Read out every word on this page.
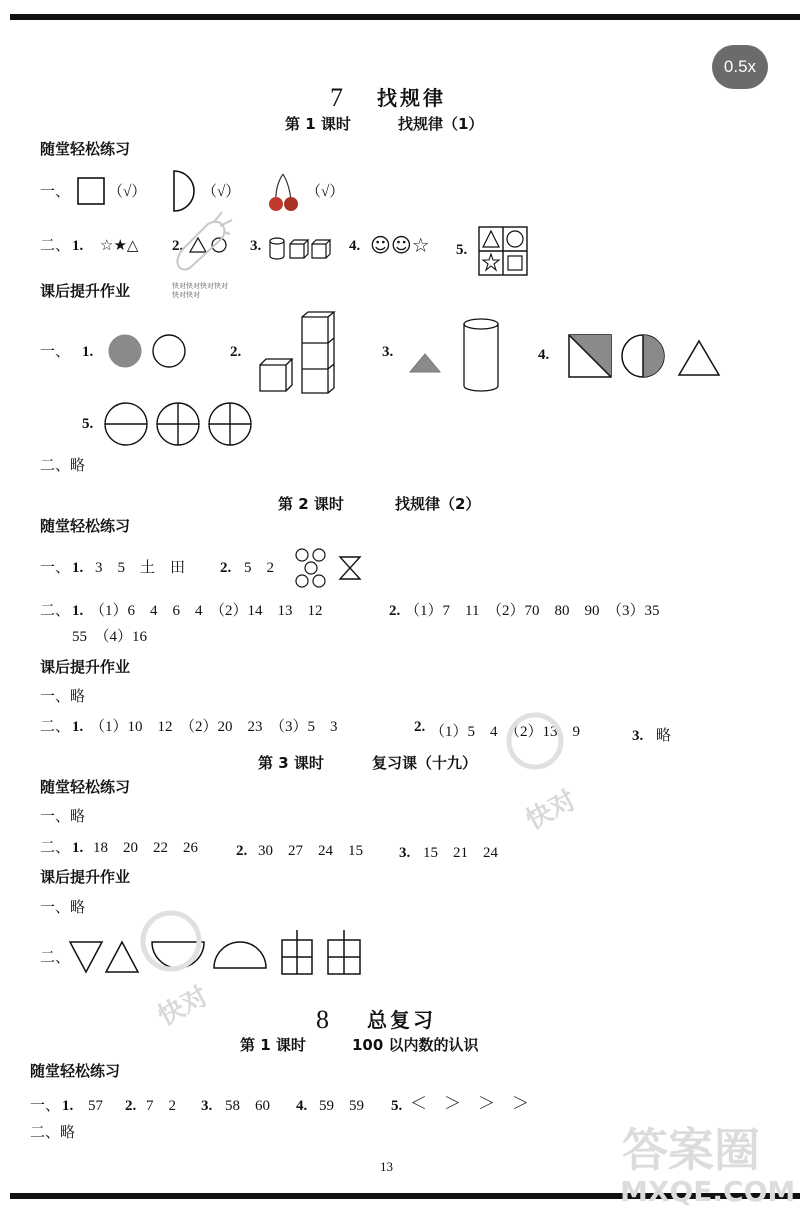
0.5x
7 找规律
第 1 课时	找规律（1）
随堂轻松练习
一、	（√）	（√）	（√）
二、 1. ☆★△ 2.
快对快对快对快对快对快对
3.	4. ☺☺☆ 5.
课后提升作业
一、 1.	2.	3.	4.
5.
二、略
第 2 课时	找规律（2）
随堂轻松练习
一、 1. 3　5　土　田 2. 5　2
二、 1. （1）6　4　6　4　（2）14　13　12	2. （1）7　11　（2）70　80　90　（3）35
55　（4）16
课后提升作业
一、略
二、 1. （1）10　12　（2）20　23　（3）5　3	2. （1）5　4　（2）13　9	3. 略
第 3 课时	复习课（十九）
随堂轻松练习
一、略
二、 1. 18　20　22　26	2. 30　27　24　15 3. 15　21　24
课后提升作业
一、略
二、
8 总复习
第 1 课时	100 以内数的认识
随堂轻松练习
一、 1. 57 2. 7　2 3. 58　60 4. 59　59 5. ＜　＞　＞　＞
二、略
13
快对
快对
答案圈
MXQE.COM
